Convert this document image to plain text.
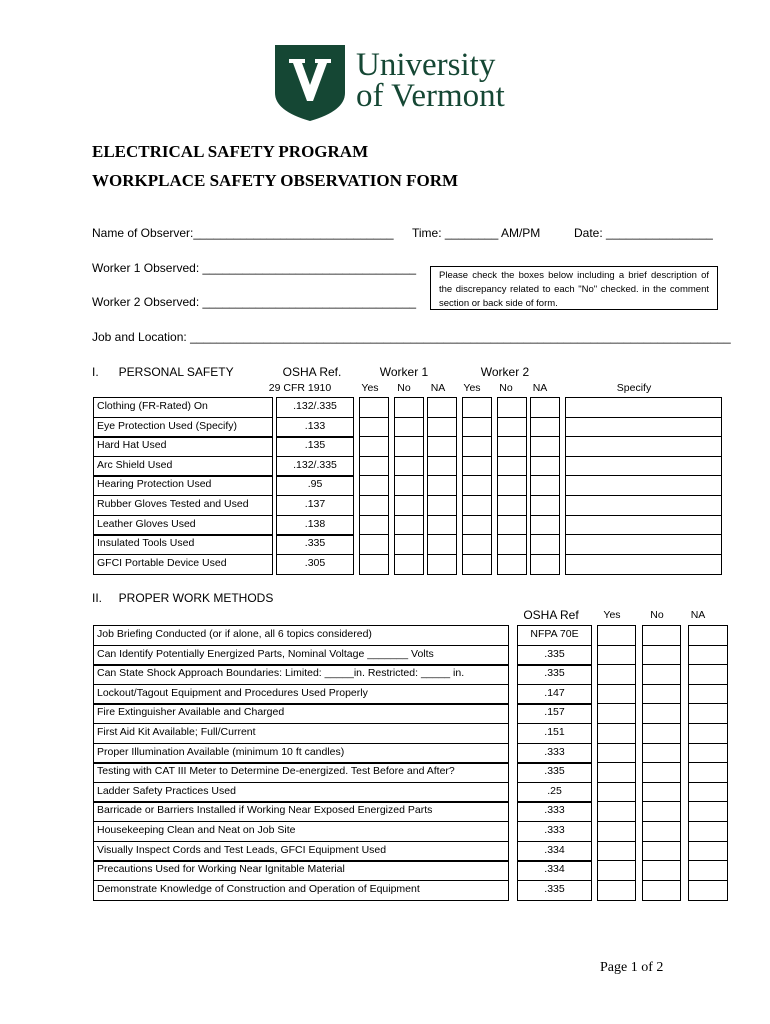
University
of Vermont
ELECTRICAL SAFETY PROGRAM
WORKPLACE SAFETY OBSERVATION FORM
Name of Observer:______________________________ Time: ________ AM/PM	Date: ________________
Worker 1 Observed: ________________________________
Worker 2 Observed: ________________________________
Please check the boxes below including a brief description of the discrepancy related to each "No" checked. in the comment section or back side of form.
Job and Location: _________________________________________________________________________________
I.      PERSONAL SAFETY	OSHA Ref.
29 CFR 1910
Worker 1	Worker 2
Yes	No	NA	Yes	No	NA	Specify
Clothing (FR-Rated) On	.132/.335
Eye Protection Used (Specify)	.133
Hard Hat Used	.135
Arc Shield Used	.132/.335
Hearing Protection Used	.95
Rubber Gloves Tested and Used	.137
Leather Gloves Used	.138
Insulated Tools Used	.335
GFCI Portable Device Used	.305
II.     PROPER WORK METHODS
OSHA Ref	Yes	No	NA
Job Briefing Conducted (or if alone, all 6 topics considered)	NFPA 70E
Can Identify Potentially Energized Parts, Nominal Voltage _______ Volts	.335
Can State Shock Approach Boundaries: Limited: _____in. Restricted: _____ in.	.335
Lockout/Tagout Equipment and Procedures Used Properly	.147
Fire Extinguisher Available and Charged	.157
First Aid Kit Available; Full/Current	.151
Proper Illumination Available (minimum 10 ft candles)	.333
Testing with CAT III Meter to Determine De-energized. Test Before and After?	.335
Ladder Safety Practices Used	.25
Barricade or Barriers Installed if Working Near Exposed Energized Parts	.333
Housekeeping Clean and Neat on Job Site	.333
Visually Inspect Cords and Test Leads, GFCI Equipment Used	.334
Precautions Used for Working Near Ignitable Material	.334
Demonstrate Knowledge of Construction and Operation of Equipment	.335
Page 1 of 2
